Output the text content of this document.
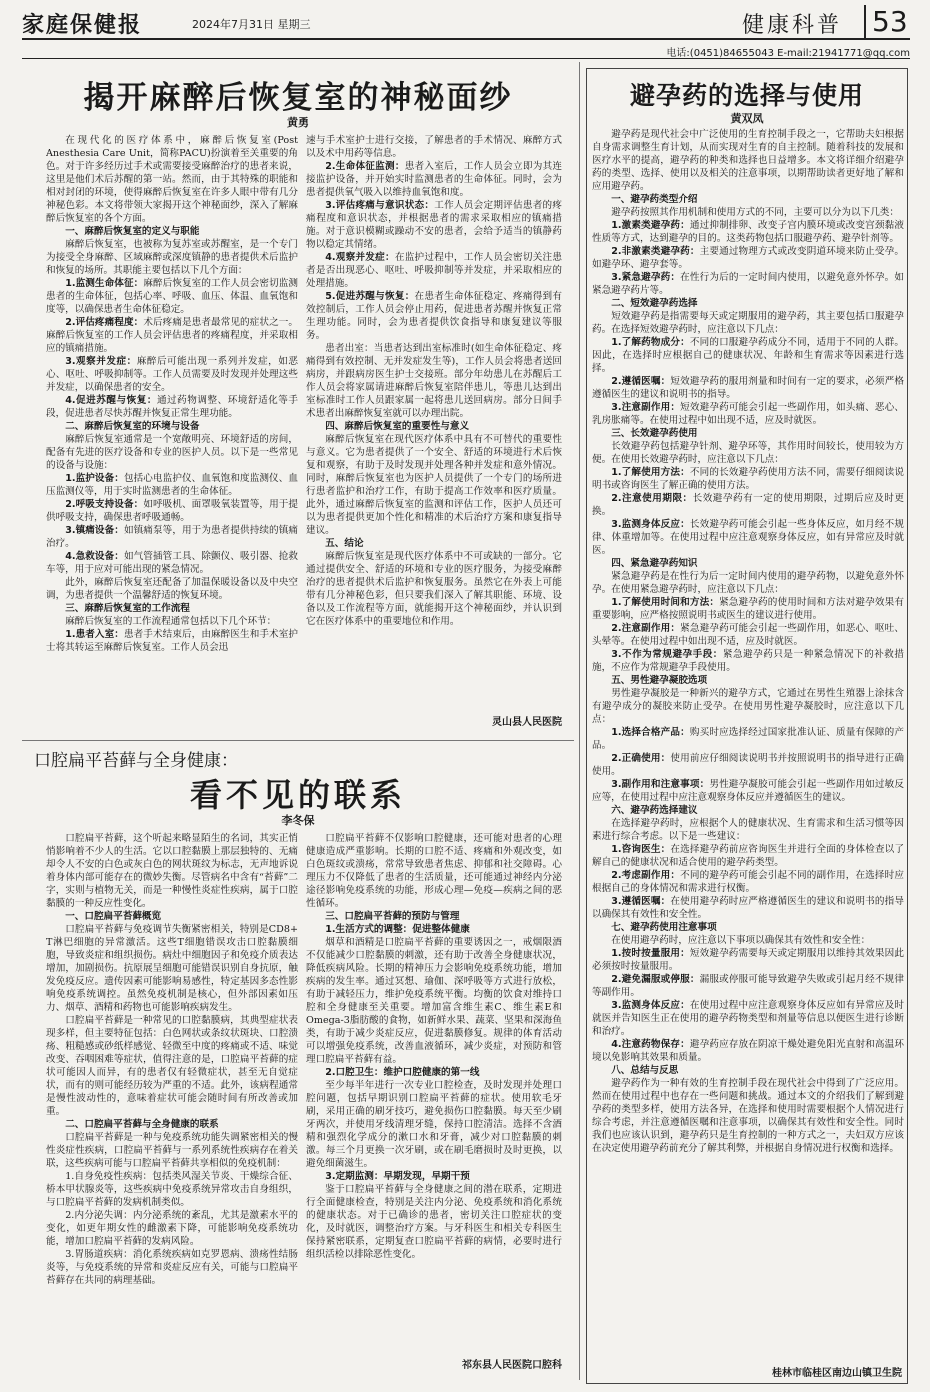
家庭保健报	2024年7月31日 星期三	健康科普 53
电话:(0451)84655043 E-mail:21941771@qq.com
揭开麻醉后恢复室的神秘面纱
黄勇

在现代化的医疗体系中，麻醉后恢复室(Post Anesthesia Care Unit，简称PACU)扮演着至关重要的角色。对于许多经历过手术或需要接受麻醉治疗的患者来说，这里是他们术后苏醒的第一站。然而，由于其特殊的职能和相对封闭的环境，使得麻醉后恢复室在许多人眼中带有几分神秘色彩。本文将带领大家揭开这个神秘面纱，深入了解麻醉后恢复室的各个方面。

一、麻醉后恢复室的定义与职能

麻醉后恢复室，也被称为复苏室或苏醒室，是一个专门为接受全身麻醉、区域麻醉或深度镇静的患者提供术后监护和恢复的场所。其职能主要包括以下几个方面：

1.监测生命体征：麻醉后恢复室的工作人员会密切监测患者的生命体征，包括心率、呼吸、血压、体温、血氧饱和度等，以确保患者生命体征稳定。

2.评估疼痛程度：术后疼痛是患者最常见的症状之一。麻醉后恢复室的工作人员会评估患者的疼痛程度，并采取相应的镇痛措施。

3.观察并发症：麻醉后可能出现一系列并发症，如恶心、呕吐、呼吸抑制等。工作人员需要及时发现并处理这些并发症，以确保患者的安全。

4.促进苏醒与恢复：通过药物调整、环境舒适化等手段，促进患者尽快苏醒并恢复正常生理功能。

二、麻醉后恢复室的环境与设备

麻醉后恢复室通常是一个宽敞明亮、环境舒适的房间，配备有先进的医疗设备和专业的医护人员。以下是一些常见的设备与设施：

1.监护设备：包括心电监护仪、血氧饱和度监测仪、血压监测仪等，用于实时监测患者的生命体征。

2.呼吸支持设备：如呼吸机、面罩吸氧装置等，用于提供呼吸支持，确保患者呼吸通畅。

3.镇痛设备：如镇痛泵等，用于为患者提供持续的镇痛治疗。

4.急救设备：如气管插管工具、除颤仪、吸引器、抢救车等，用于应对可能出现的紧急情况。

此外，麻醉后恢复室还配备了加温保暖设备以及中央空调，为患者提供一个温馨舒适的恢复环境。

三、麻醉后恢复室的工作流程

麻醉后恢复室的工作流程通常包括以下几个环节：

1.患者入室：患者手术结束后，由麻醉医生和手术室护士将其转运至麻醉后恢复室。工作人员会迅

速与手术室护士进行交接，了解患者的手术情况、麻醉方式以及术中用药等信息。

2.生命体征监测：患者入室后，工作人员会立即为其连接监护设备，并开始实时监测患者的生命体征。同时，会为患者提供氧气吸入以维持血氧饱和度。

3.评估疼痛与意识状态：工作人员会定期评估患者的疼痛程度和意识状态，并根据患者的需求采取相应的镇痛措施。对于意识模糊或躁动不安的患者，会给予适当的镇静药物以稳定其情绪。

4.观察并发症：在监护过程中，工作人员会密切关注患者是否出现恶心、呕吐、呼吸抑制等并发症，并采取相应的处理措施。

5.促进苏醒与恢复：在患者生命体征稳定、疼痛得到有效控制后，工作人员会停止用药，促进患者苏醒并恢复正常生理功能。同时，会为患者提供饮食指导和康复建议等服务。

患者出室：当患者达到出室标准时(如生命体征稳定、疼痛得到有效控制、无并发症发生等)，工作人员会将患者送回病房，并跟病房医生护士交接班。部分年幼患儿在苏醒后工作人员会将家属请进麻醉后恢复室陪伴患儿，等患儿达到出室标准时工作人员跟家属一起将患儿送回病房。部分日间手术患者出麻醉恢复室就可以办理出院。

四、麻醉后恢复室的重要性与意义

麻醉后恢复室在现代医疗体系中具有不可替代的重要性与意义。它为患者提供了一个安全、舒适的环境进行术后恢复和观察，有助于及时发现并处理各种并发症和意外情况。同时，麻醉后恢复室也为医护人员提供了一个专门的场所进行患者监护和治疗工作，有助于提高工作效率和医疗质量。此外，通过麻醉后恢复室的监测和评估工作，医护人员还可以为患者提供更加个性化和精准的术后治疗方案和康复指导建议。

五、结论

麻醉后恢复室是现代医疗体系中不可或缺的一部分。它通过提供安全、舒适的环境和专业的医疗服务，为接受麻醉治疗的患者提供术后监护和恢复服务。虽然它在外表上可能带有几分神秘色彩，但只要我们深入了解其职能、环境、设备以及工作流程等方面，就能揭开这个神秘面纱，并认识到它在医疗体系中的重要地位和作用。

灵山县人民医院
口腔扁平苔藓与全身健康：
看不见的联系
李冬保

口腔扁平苔藓，这个听起来略显陌生的名词，其实正悄悄影响着不少人的生活。它以口腔黏膜上那层独特的、无痛却令人不安的白色或灰白色的网状斑纹为标志，无声地诉说着身体内部可能存在的微妙失衡。尽管病名中含有“苔藓”二字，实则与植物无关，而是一种慢性炎症性疾病，属于口腔黏膜的一种反应性变化。

一、口腔扁平苔藓概览

口腔扁平苔藓与免疫调节失衡紧密相关，特别是CD8+ T淋巴细胞的异常激活。这些T细胞错误攻击口腔黏膜细胞，导致炎症和组织损伤。病灶中细胞因子和免疫介质表达增加，加剧损伤。抗原展呈细胞可能错误识别自身抗原，触发免疫反应。遗传因素可能影响易感性，特定基因多态性影响免疫系统调控。虽然免疫机制是核心，但外部因素如压力、烟草、酒精和药物也可能影响疾病发生。

口腔扁平苔藓是一种常见的口腔黏膜病，其典型症状表现多样，但主要特征包括：白色网状或条纹状斑块、口腔溃疡、粗糙感或砂纸样感觉、轻微至中度的疼痛或不适、味觉改变、吞咽困难等症状，值得注意的是，口腔扁平苔藓的症状可能因人而异，有的患者仅有轻微症状，甚至无自觉症状，而有的则可能经历较为严重的不适。此外，该病程通常是慢性波动性的，意味着症状可能会随时间有所改善或加重。

二、口腔扁平苔藓与全身健康的联系

口腔扁平苔藓是一种与免疫系统功能失调紧密相关的慢性炎症性疾病，口腔扁平苔藓与一系列系统性疾病存在着关联，这些疾病可能与口腔扁平苔藓共享相似的免疫机制：

1.自身免疫性疾病：包括类风湿关节炎、干燥综合征、桥本甲状腺炎等，这些疾病中免疫系统异常攻击自身组织，与口腔扁平苔藓的发病机制类似。

2.内分泌失调：内分泌系统的紊乱，尤其是激素水平的变化，如更年期女性的雌激素下降，可能影响免疫系统功能，增加口腔扁平苔藓的发病风险。

3.胃肠道疾病：消化系统疾病如克罗恩病、溃疡性结肠炎等，与免疫系统的异常和炎症反应有关，可能与口腔扁平苔藓存在共同的病理基础。

口腔扁平苔藓不仅影响口腔健康，还可能对患者的心理健康造成严重影响。长期的口腔不适、疼痛和外观改变，如白色斑纹或溃疡，常常导致患者焦虑、抑郁和社交障碍。心理压力不仅降低了患者的生活质量，还可能通过神经内分泌途径影响免疫系统的功能，形成心理—免疫—疾病之间的恶性循环。

三、口腔扁平苔藓的预防与管理

1.生活方式的调整：促进整体健康

烟草和酒精是口腔扁平苔藓的重要诱因之一，戒烟限酒不仅能减少口腔黏膜的刺激，还有助于改善全身健康状况，降低疾病风险。长期的精神压力会影响免疫系统功能，增加疾病的发生率。通过冥想、瑜伽、深呼吸等方式进行放松，有助于减轻压力，维护免疫系统平衡。均衡的饮食对维持口腔和全身健康至关重要。增加富含维生素C、维生素E和Omega-3脂肪酸的食物，如新鲜水果、蔬菜、坚果和深海鱼类，有助于减少炎症反应，促进黏膜修复。规律的体育活动可以增强免疫系统，改善血液循环，减少炎症，对预防和管理口腔扁平苔藓有益。

2.口腔卫生：维护口腔健康的第一线

至少每半年进行一次专业口腔检查，及时发现并处理口腔问题，包括早期识别口腔扁平苔藓的症状。使用软毛牙刷，采用正确的刷牙技巧，避免损伤口腔黏膜。每天至少刷牙两次，并使用牙线清理牙缝，保持口腔清洁。选择不含酒精和强烈化学成分的漱口水和牙膏，减少对口腔黏膜的刺激。每三个月更换一次牙刷，或在刷毛磨损时及时更换，以避免细菌滋生。

3.定期监测：早期发现，早期干预

鉴于口腔扁平苔藓与全身健康之间的潜在联系，定期进行全面健康检查，特别是关注内分泌、免疫系统和消化系统的健康状态。对于已确诊的患者，密切关注口腔症状的变化，及时就医，调整治疗方案。与牙科医生和相关专科医生保持紧密联系，定期复查口腔扁平苔藓的病情，必要时进行组织活检以排除恶性变化。

祁东县人民医院口腔科
避孕药的选择与使用
黄双凤

避孕药是现代社会中广泛使用的生育控制手段之一，它帮助夫妇根据自身需求调整生育计划，从而实现对生育的自主控制。随着科技的发展和医疗水平的提高，避孕药的种类和选择也日益增多。本文将详细介绍避孕药的类型、选择、使用以及相关的注意事项，以期帮助读者更好地了解和应用避孕药。

一、避孕药类型介绍

避孕药按照其作用机制和使用方式的不同，主要可以分为以下几类：

1.激素类避孕药：通过抑制排卵、改变子宫内膜环境或改变宫颈黏液性质等方式，达到避孕的目的。这类药物包括口服避孕药、避孕针剂等。

2.非激素类避孕药：主要通过物理方式或改变阴道环境来防止受孕。如避孕环、避孕套等。

3.紧急避孕药：在性行为后的一定时间内使用，以避免意外怀孕。如紧急避孕药片等。

二、短效避孕药选择

短效避孕药是指需要每天或定期服用的避孕药，其主要包括口服避孕药。在选择短效避孕药时，应注意以下几点：

1.了解药物成分：不同的口服避孕药成分不同，适用于不同的人群。因此，在选择时应根据自己的健康状况、年龄和生育需求等因素进行选择。

2.遵循医嘱：短效避孕药的服用剂量和时间有一定的要求，必须严格遵循医生的建议和说明书的指导。

3.注意副作用：短效避孕药可能会引起一些副作用，如头痛、恶心、乳房胀痛等。在使用过程中如出现不适，应及时就医。

三、长效避孕药使用

长效避孕药包括避孕针剂、避孕环等，其作用时间较长，使用较为方便。在使用长效避孕药时，应注意以下几点：

1.了解使用方法：不同的长效避孕药使用方法不同，需要仔细阅读说明书或咨询医生了解正确的使用方法。

2.注意使用期限：长效避孕药有一定的使用期限，过期后应及时更换。

3.监测身体反应：长效避孕药可能会引起一些身体反应，如月经不规律、体重增加等。在使用过程中应注意观察身体反应，如有异常应及时就医。

四、紧急避孕药知识

紧急避孕药是在性行为后一定时间内使用的避孕药物，以避免意外怀孕。在使用紧急避孕药时，应注意以下几点：

1.了解使用时间和方法：紧急避孕药的使用时间和方法对避孕效果有重要影响，应严格按照说明书或医生的建议进行使用。

2.注意副作用：紧急避孕药可能会引起一些副作用，如恶心、呕吐、头晕等。在使用过程中如出现不适，应及时就医。

3.不作为常规避孕手段：紧急避孕药只是一种紧急情况下的补救措施，不应作为常规避孕手段使用。

五、男性避孕凝胶选项

男性避孕凝胶是一种新兴的避孕方式，它通过在男性生殖器上涂抹含有避孕成分的凝胶来防止受孕。在使用男性避孕凝胶时，应注意以下几点：

1.选择合格产品：购买时应选择经过国家批准认证、质量有保障的产品。

2.正确使用：使用前应仔细阅读说明书并按照说明书的指导进行正确使用。

3.副作用和注意事项：男性避孕凝胶可能会引起一些副作用如过敏反应等，在使用过程中应注意观察身体反应并遵循医生的建议。

六、避孕药选择建议

在选择避孕药时，应根据个人的健康状况、生育需求和生活习惯等因素进行综合考虑。以下是一些建议：

1.咨询医生：在选择避孕药前应咨询医生并进行全面的身体检查以了解自己的健康状况和适合使用的避孕药类型。

2.考虑副作用：不同的避孕药可能会引起不同的副作用，在选择时应根据自己的身体情况和需求进行权衡。

3.遵循医嘱：在使用避孕药时应严格遵循医生的建议和说明书的指导以确保其有效性和安全性。

七、避孕药使用注意事项

在使用避孕药时，应注意以下事项以确保其有效性和安全性：

1.按时按量服用：短效避孕药需要每天或定期服用以维持其效果因此必须按时按量服用。

2.避免漏服或停服：漏服或停服可能导致避孕失败或引起月经不规律等副作用。

3.监测身体反应：在使用过程中应注意观察身体反应如有异常应及时就医并告知医生正在使用的避孕药物类型和剂量等信息以便医生进行诊断和治疗。

4.注意药物保存：避孕药应存放在阴凉干燥处避免阳光直射和高温环境以免影响其效果和质量。

八、总结与反思

避孕药作为一种有效的生育控制手段在现代社会中得到了广泛应用。然而在使用过程中也存在一些问题和挑战。通过本文的介绍我们了解到避孕药的类型多样，使用方法各异，在选择和使用时需要根据个人情况进行综合考虑，并注意遵循医嘱和注意事项，以确保其有效性和安全性。同时我们也应该认识到，避孕药只是生育控制的一种方式之一，夫妇双方应该在决定使用避孕药前充分了解其利弊，并根据自身情况进行权衡和选择。

桂林市临桂区南边山镇卫生院
